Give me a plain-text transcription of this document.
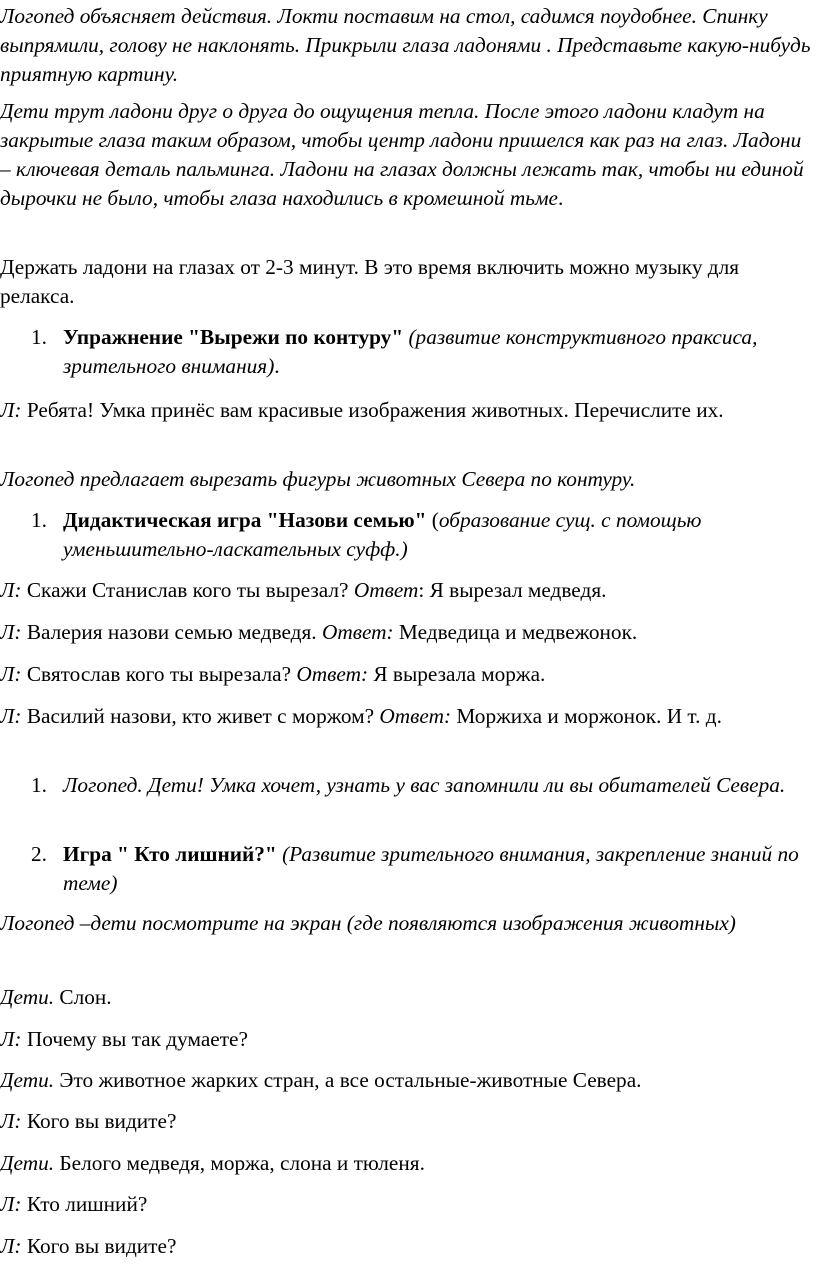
Логопед объясняет действия. Локти поставим на стол, садимся поудобнее. Спинку выпрямили, голову не наклонять. Прикрыли глаза ладонями . Представьте какую-нибудь приятную картину.

Дети трут ладони друг о друга до ощущения тепла. После этого ладони кладут на закрытые глаза таким образом, чтобы центр ладони пришелся как раз на глаз. Ладони – ключевая деталь пальминга. Ладони на глазах должны лежать так, чтобы ни единой дырочки не было, чтобы глаза находились в кромешной тьме.

Держать ладони на глазах от 2-3 минут. В это время включить можно музыку для релакса.

1. Упражнение "Вырежи по контуру" (развитие конструктивного праксиса, зрительного внимания).

Л: Ребята! Умка принёс вам красивые изображения животных. Перечислите их.

Логопед предлагает вырезать фигуры животных Севера по контуру.

1. Дидактическая игра "Назови семью" (образование сущ. с помощью уменьшительно-ласкательных суфф.)

Л: Скажи Станислав кого ты вырезал? Ответ: Я вырезал медведя.

Л: Валерия назови семью медведя. Ответ: Медведица и медвежонок.

Л: Святослав кого ты вырезала? Ответ: Я вырезала моржа.

Л: Василий назови, кто живет с моржом? Ответ: Моржиха и моржонок. И т. д.

1. Логопед. Дети! Умка хочет, узнать у вас запомнили ли вы обитателей Севера.

2. Игра " Кто лишний?" (Развитие зрительного внимания, закрепление знаний по теме)

Логопед –дети посмотрите на экран (где появляются изображения животных)

Дети. Слон.

Л: Почему вы так думаете?

Дети. Это животное жарких стран, а все остальные-животные Севера.

Л: Кого вы видите?

Дети. Белого медведя, моржа, слона и тюленя.

Л: Кто лишний?

Л: Кого вы видите?
